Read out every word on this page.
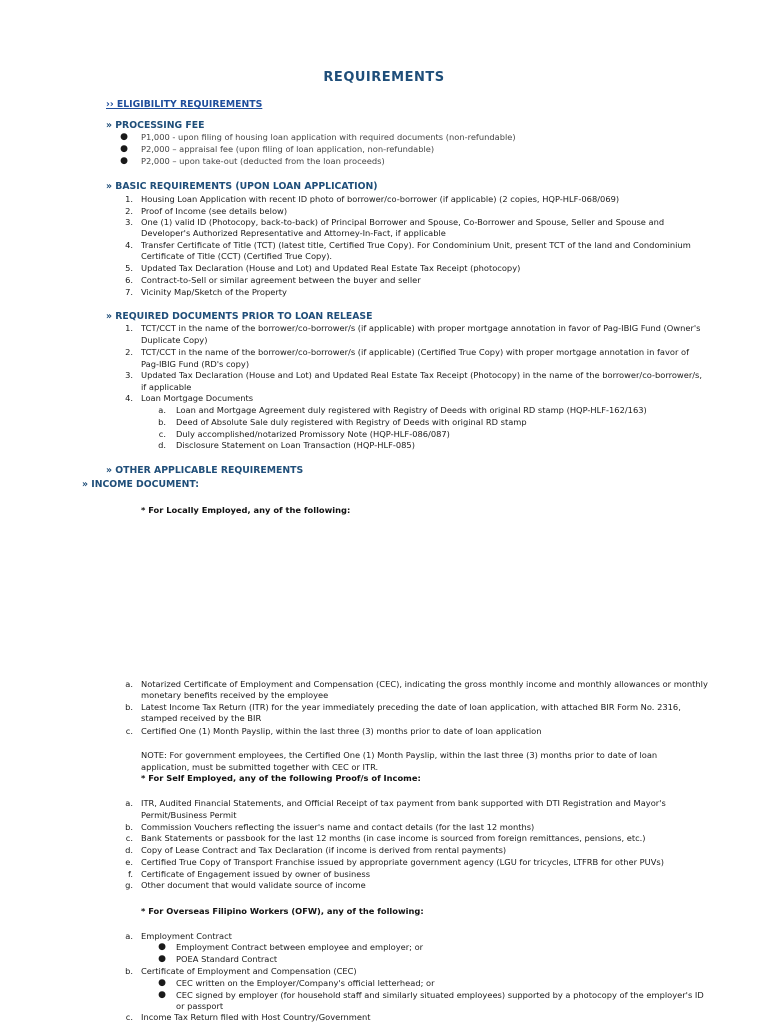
REQUIREMENTS
›› ELIGIBILITY REQUIREMENTS
» PROCESSING FEE
● P1,000 - upon filing of housing loan application with required documents (non-refundable)
● P2,000 – appraisal fee (upon filing of loan application, non-refundable)
● P2,000 – upon take-out (deducted from the loan proceeds)
» BASIC REQUIREMENTS (UPON LOAN APPLICATION)
1. Housing Loan Application with recent ID photo of borrower/co-borrower (if applicable) (2 copies, HQP-HLF-068/069)
2. Proof of Income (see details below)
3. One (1) valid ID (Photocopy, back-to-back) of Principal Borrower and Spouse, Co-Borrower and Spouse, Seller and Spouse and
Developer's Authorized Representative and Attorney-In-Fact, if applicable
4. Transfer Certificate of Title (TCT) (latest title, Certified True Copy). For Condominium Unit, present TCT of the land and Condominium
Certificate of Title (CCT) (Certified True Copy).
5. Updated Tax Declaration (House and Lot) and Updated Real Estate Tax Receipt (photocopy)
6. Contract-to-Sell or similar agreement between the buyer and seller
7. Vicinity Map/Sketch of the Property
» REQUIRED DOCUMENTS PRIOR TO LOAN RELEASE
1. TCT/CCT in the name of the borrower/co-borrower/s (if applicable) with proper mortgage annotation in favor of Pag-IBIG Fund (Owner's
Duplicate Copy)
2. TCT/CCT in the name of the borrower/co-borrower/s (if applicable) (Certified True Copy) with proper mortgage annotation in favor of
Pag-IBIG Fund (RD's copy)
3. Updated Tax Declaration (House and Lot) and Updated Real Estate Tax Receipt (Photocopy) in the name of the borrower/co-borrower/s,
if applicable
4. Loan Mortgage Documents
a. Loan and Mortgage Agreement duly registered with Registry of Deeds with original RD stamp (HQP-HLF-162/163)
b. Deed of Absolute Sale duly registered with Registry of Deeds with original RD stamp
c. Duly accomplished/notarized Promissory Note (HQP-HLF-086/087)
d. Disclosure Statement on Loan Transaction (HQP-HLF-085)
» OTHER APPLICABLE REQUIREMENTS
» INCOME DOCUMENT:
* For Locally Employed, any of the following:
a. Notarized Certificate of Employment and Compensation (CEC), indicating the gross monthly income and monthly allowances or monthly
monetary benefits received by the employee
b. Latest Income Tax Return (ITR) for the year immediately preceding the date of loan application, with attached BIR Form No. 2316,
stamped received by the BIR
c. Certified One (1) Month Payslip, within the last three (3) months prior to date of loan application
NOTE: For government employees, the Certified One (1) Month Payslip, within the last three (3) months prior to date of loan
application, must be submitted together with CEC or ITR.
* For Self Employed, any of the following Proof/s of Income:
a. ITR, Audited Financial Statements, and Official Receipt of tax payment from bank supported with DTI Registration and Mayor's
Permit/Business Permit
b. Commission Vouchers reflecting the issuer's name and contact details (for the last 12 months)
c. Bank Statements or passbook for the last 12 months (in case income is sourced from foreign remittances, pensions, etc.)
d. Copy of Lease Contract and Tax Declaration (if income is derived from rental payments)
e. Certified True Copy of Transport Franchise issued by appropriate government agency (LGU for tricycles, LTFRB for other PUVs)
f. Certificate of Engagement issued by owner of business
g. Other document that would validate source of income
* For Overseas Filipino Workers (OFW), any of the following:
a. Employment Contract
● Employment Contract between employee and employer; or
● POEA Standard Contract
b. Certificate of Employment and Compensation (CEC)
● CEC written on the Employer/Company's official letterhead; or
● CEC signed by employer (for household staff and similarly situated employees) supported by a photocopy of the employer's ID
or passport
c. Income Tax Return filed with Host Country/Government
